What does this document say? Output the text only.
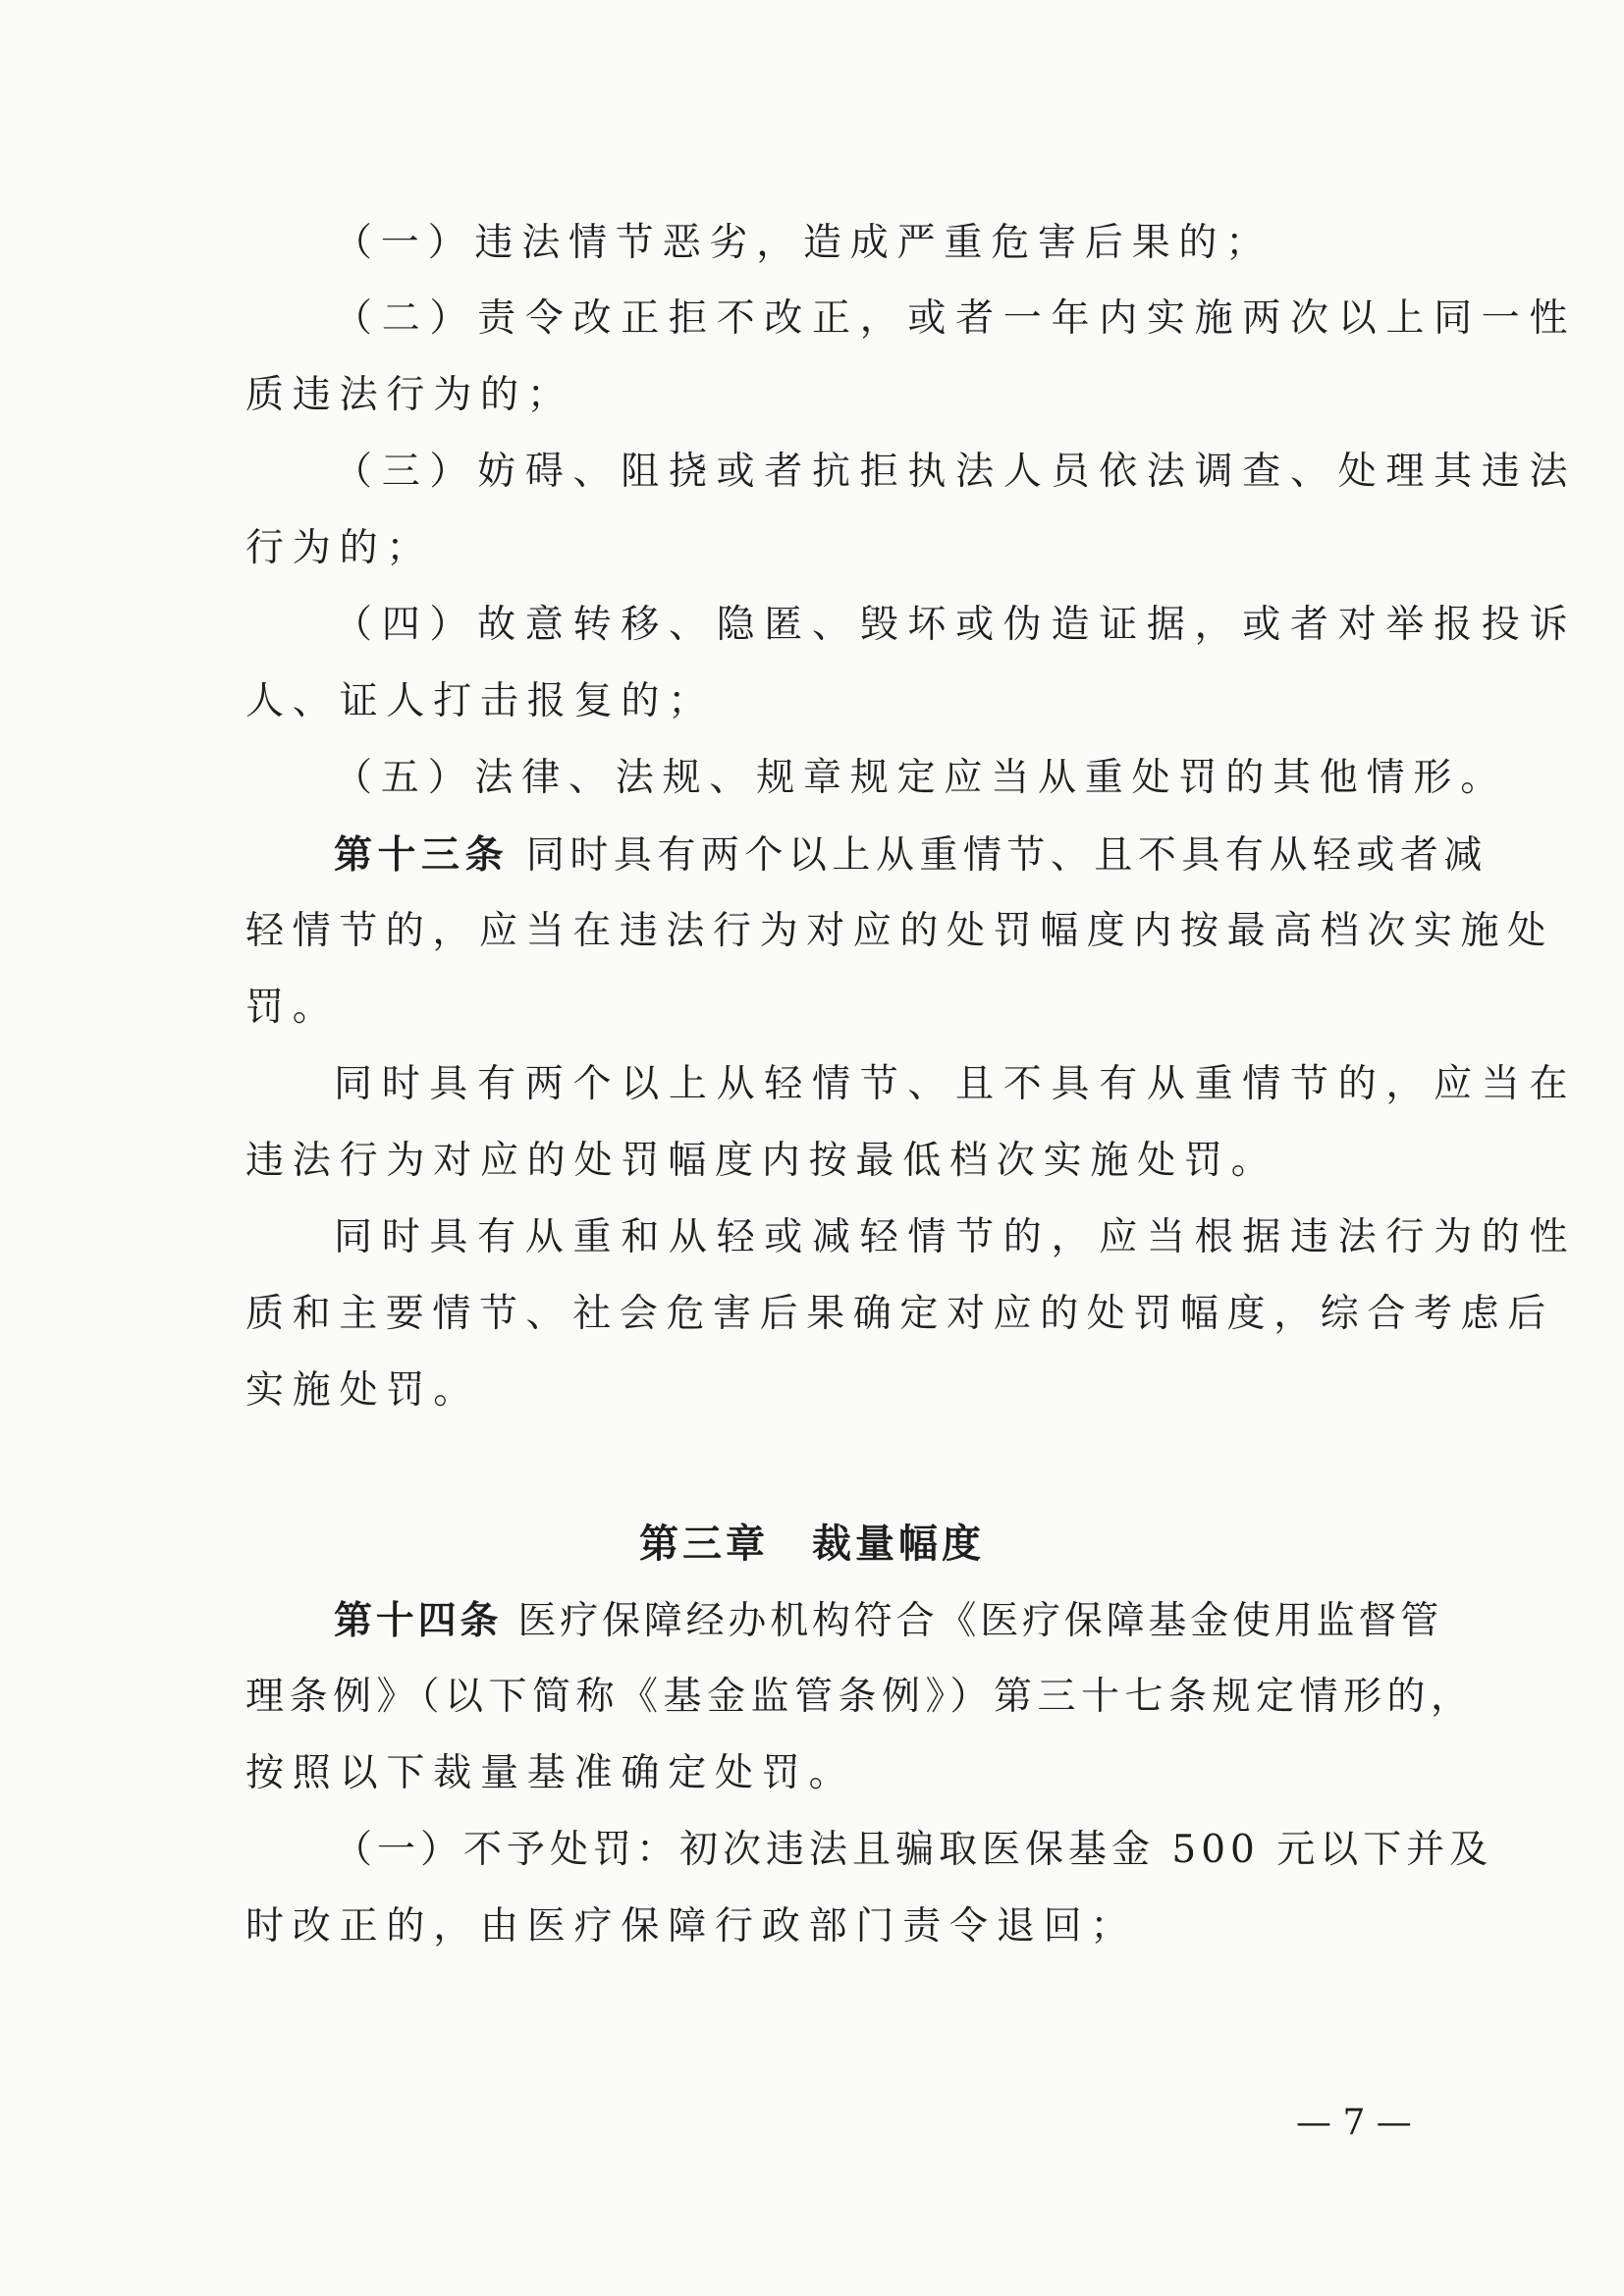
（一）违法情节恶劣，造成严重危害后果的；
（二）责令改正拒不改正，或者一年内实施两次以上同一性
质违法行为的；
（三）妨碍、阻挠或者抗拒执法人员依法调查、处理其违法
行为的；
（四）故意转移、隐匿、毁坏或伪造证据，或者对举报投诉
人、证人打击报复的；
（五）法律、法规、规章规定应当从重处罚的其他情形。
第十三条 同时具有两个以上从重情节、且不具有从轻或者减
轻情节的，应当在违法行为对应的处罚幅度内按最高档次实施处
罚。
同时具有两个以上从轻情节、且不具有从重情节的，应当在
违法行为对应的处罚幅度内按最低档次实施处罚。
同时具有从重和从轻或减轻情节的，应当根据违法行为的性
质和主要情节、社会危害后果确定对应的处罚幅度，综合考虑后
实施处罚。
第三章　裁量幅度
第十四条 医疗保障经办机构符合《医疗保障基金使用监督管
理条例》（以下简称《基金监管条例》）第三十七条规定情形的，
按照以下裁量基准确定处罚。
（一）不予处罚：初次违法且骗取医保基金 500 元以下并及
时改正的，由医疗保障行政部门责令退回；
— 7 —
